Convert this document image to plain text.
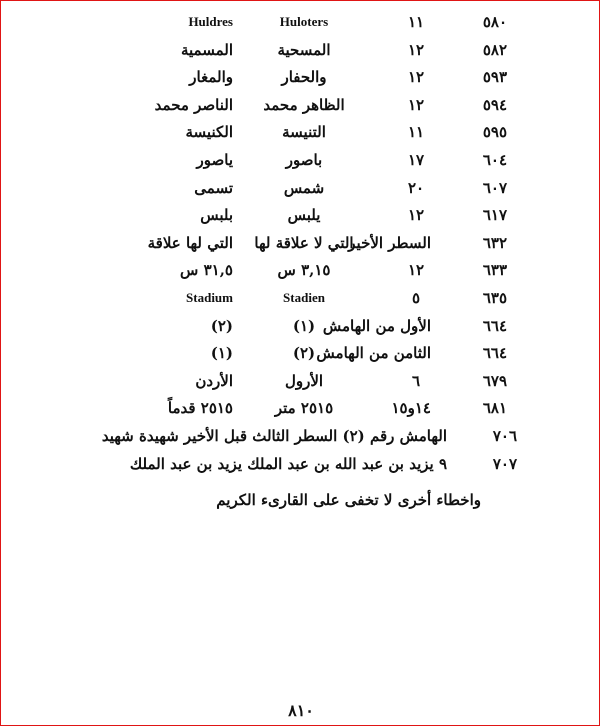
٥٨٠
١١
Huloters
Huldres
٥٨٢
١٢
المسحية
المسمية
٥٩٣
١٢
والحفار
والمغار
٥٩٤
١٢
الظاهر محمد
الناصر محمد
٥٩٥
١١
التنيسة
الكنيسة
٦٠٤
١٧
باصور
ياصور
٦٠٧
٢٠
شمس
تسمى
٦١٧
١٢
يلبس
بلبس
٦٣٢
السطر الأخير
التي لا علاقة لها
التي لها علاقة
٦٣٣
١٢
٣,١٥ س
٣١,٥ س
٦٣٥
٥
Stadien
Stadium
٦٦٤
الأول من الهامش
(١)
(٢)
٦٦٤
الثامن من الهامش
(٢)
(١)
٦٧٩
٦
الأرول
الأردن
٦٨١
١٤و١٥
٢٥١٥ متر
٢٥١٥ قدماً
٧٠٦
الهامش رقم (٢) السطر الثالث قبل الأخير شهيدة شهيد
٧٠٧
٩ يزيد بن عبد الله بن عبد الملك يزيد بن عبد الملك
واخطاء أخرى لا تخفى على القارىء الكريم
٨١٠
